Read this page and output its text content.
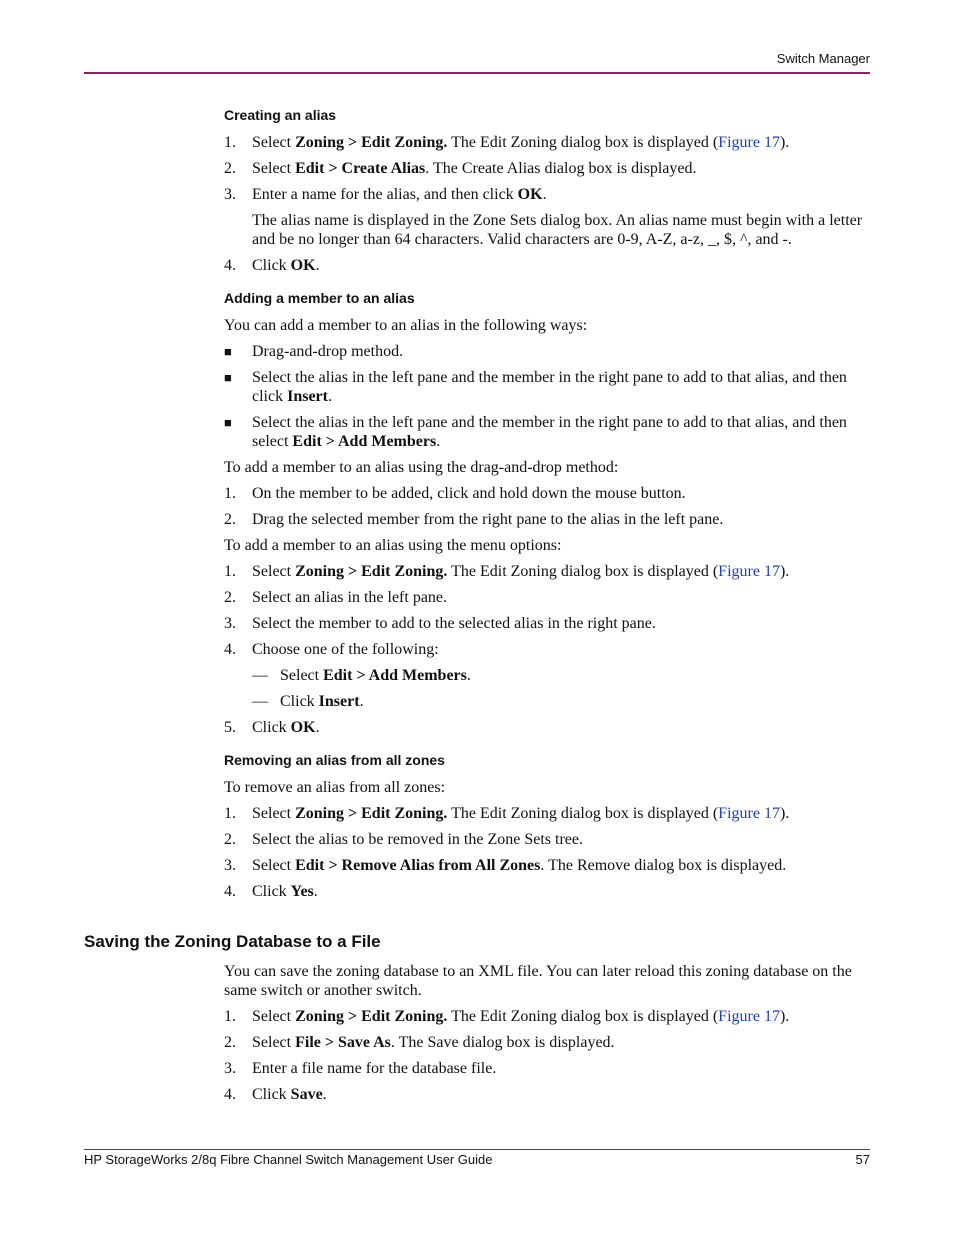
Switch Manager
Creating an alias
1. Select Zoning > Edit Zoning. The Edit Zoning dialog box is displayed (Figure 17).
2. Select Edit > Create Alias. The Create Alias dialog box is displayed.
3. Enter a name for the alias, and then click OK.

The alias name is displayed in the Zone Sets dialog box. An alias name must begin with a letter and be no longer than 64 characters. Valid characters are 0-9, A-Z, a-z, _, $, ^, and -.

4. Click OK.
Adding a member to an alias

You can add a member to an alias in the following ways:

■ Drag-and-drop method.
■ Select the alias in the left pane and the member in the right pane to add to that alias, and then click Insert.
■ Select the alias in the left pane and the member in the right pane to add to that alias, and then select Edit > Add Members.

To add a member to an alias using the drag-and-drop method:

1. On the member to be added, click and hold down the mouse button.
2. Drag the selected member from the right pane to the alias in the left pane.

To add a member to an alias using the menu options:

1. Select Zoning > Edit Zoning. The Edit Zoning dialog box is displayed (Figure 17).
2. Select an alias in the left pane.
3. Select the member to add to the selected alias in the right pane.
4. Choose one of the following:
— Select Edit > Add Members.
— Click Insert.
5. Click OK.
Removing an alias from all zones

To remove an alias from all zones:

1. Select Zoning > Edit Zoning. The Edit Zoning dialog box is displayed (Figure 17).
2. Select the alias to be removed in the Zone Sets tree.
3. Select Edit > Remove Alias from All Zones. The Remove dialog box is displayed.
4. Click Yes.
Saving the Zoning Database to a File

You can save the zoning database to an XML file. You can later reload this zoning database on the same switch or another switch.

1. Select Zoning > Edit Zoning. The Edit Zoning dialog box is displayed (Figure 17).
2. Select File > Save As. The Save dialog box is displayed.
3. Enter a file name for the database file.
4. Click Save.
HP StorageWorks 2/8q Fibre Channel Switch Management User Guide	57
